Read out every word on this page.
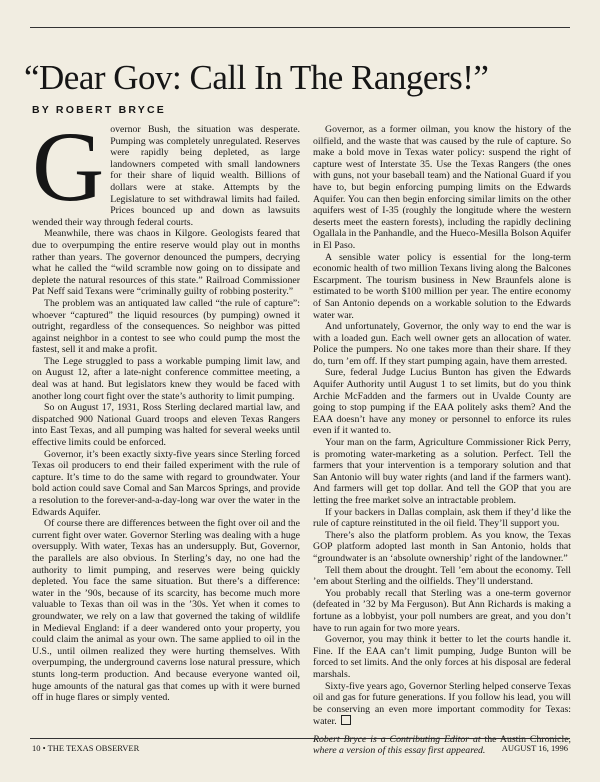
“Dear Gov: Call In The Rangers!”
BY ROBERT BRYCE

Governor Bush, the situation was desperate. Pumping was completely unregulated. Reserves were rapidly being depleted, as large landowners competed with small landowners for their share of liquid wealth. Billions of dollars were at stake. Attempts by the Legislature to set withdrawal limits had failed. Prices bounced up and down as lawsuits wended their way through federal courts.

Meanwhile, there was chaos in Kilgore. Geologists feared that due to overpumping the entire reserve would play out in months rather than years. The governor denounced the pumpers, decrying what he called the “wild scramble now going on to dissipate and deplete the natural resources of this state.” Railroad Commissioner Pat Neff said Texans were “criminally guilty of robbing posterity.”

The problem was an antiquated law called “the rule of capture”: whoever “captured” the liquid resources (by pumping) owned it outright, regardless of the consequences. So neighbor was pitted against neighbor in a contest to see who could pump the most the fastest, sell it and make a profit.

The Lege struggled to pass a workable pumping limit law, and on August 12, after a late-night conference committee meeting, a deal was at hand. But legislators knew they would be faced with another long court fight over the state’s authority to limit pumping.

So on August 17, 1931, Ross Sterling declared martial law, and dispatched 900 National Guard troops and eleven Texas Rangers into East Texas, and all pumping was halted for several weeks until effective limits could be enforced.

Governor, it’s been exactly sixty-five years since Sterling forced Texas oil producers to end their failed experiment with the rule of capture. It’s time to do the same with regard to groundwater. Your bold action could save Comal and San Marcos Springs, and provide a resolution to the forever-and-a-day-long war over the water in the Edwards Aquifer.

Of course there are differences between the fight over oil and the current fight over water. Governor Sterling was dealing with a huge oversupply. With water, Texas has an undersupply. But, Governor, the parallels are also obvious. In Sterling’s day, no one had the authority to limit pumping, and reserves were being quickly depleted. You face the same situation. But there’s a difference: water in the ’90s, because of its scarcity, has become much more valuable to Texas than oil was in the ’30s. Yet when it comes to groundwater, we rely on a law that governed the taking of wildlife in Medieval England: if a deer wandered onto your property, you could claim the animal as your own. The same applied to oil in the U.S., until oilmen realized they were hurting themselves. With overpumping, the underground caverns lose natural pressure, which stunts long-term production. And because everyone wanted oil, huge amounts of the natural gas that comes up with it were burned off in huge flares or simply vented.

Governor, as a former oilman, you know the history of the oilfield, and the waste that was caused by the rule of capture. So make a bold move in Texas water policy: suspend the right of capture west of Interstate 35. Use the Texas Rangers (the ones with guns, not your baseball team) and the National Guard if you have to, but begin enforcing pumping limits on the Edwards Aquifer. You can then begin enforcing similar limits on the other aquifers west of I-35 (roughly the longitude where the western deserts meet the eastern forests), including the rapidly declining Ogallala in the Panhandle, and the Hueco-Mesilla Bolson Aquifer in El Paso.

A sensible water policy is essential for the long-term economic health of two million Texans living along the Balcones Escarpment. The tourism business in New Braunfels alone is estimated to be worth $100 million per year. The entire economy of San Antonio depends on a workable solution to the Edwards water war.

And unfortunately, Governor, the only way to end the war is with a loaded gun. Each well owner gets an allocation of water. Police the pumpers. No one takes more than their share. If they do, turn ’em off. If they start pumping again, have them arrested.

Sure, federal Judge Lucius Bunton has given the Edwards Aquifer Authority until August 1 to set limits, but do you think Archie McFadden and the farmers out in Uvalde County are going to stop pumping if the EAA politely asks them? And the EAA doesn’t have any money or personnel to enforce its rules even if it wanted to.

Your man on the farm, Agriculture Commissioner Rick Perry, is promoting water-marketing as a solution. Perfect. Tell the farmers that your intervention is a temporary solution and that San Antonio will buy water rights (and land if the farmers want). And farmers will get top dollar. And tell the GOP that you are letting the free market solve an intractable problem.

If your backers in Dallas complain, ask them if they’d like the rule of capture reinstituted in the oil field. They’ll support you.

There’s also the platform problem. As you know, the Texas GOP platform adopted last month in San Antonio, holds that “groundwater is an ‘absolute ownership’ right of the landowner.”

Tell them about the drought. Tell ’em about the economy. Tell ’em about Sterling and the oilfields. They’ll understand.

You probably recall that Sterling was a one-term governor (defeated in ’32 by Ma Ferguson). But Ann Richards is making a fortune as a lobbyist, your poll numbers are great, and you don’t have to run again for two more years.

Governor, you may think it better to let the courts handle it. Fine. If the EAA can’t limit pumping, Judge Bunton will be forced to set limits. And the only forces at his disposal are federal marshals.

Sixty-five years ago, Governor Sterling helped conserve Texas oil and gas for future generations. If you follow his lead, you will be conserving an even more important commodity for Texas: water.

Robert Bryce is a Contributing Editor at the Austin Chronicle, where a version of this essay first appeared.

10 • THE TEXAS OBSERVER	AUGUST 16, 1996
